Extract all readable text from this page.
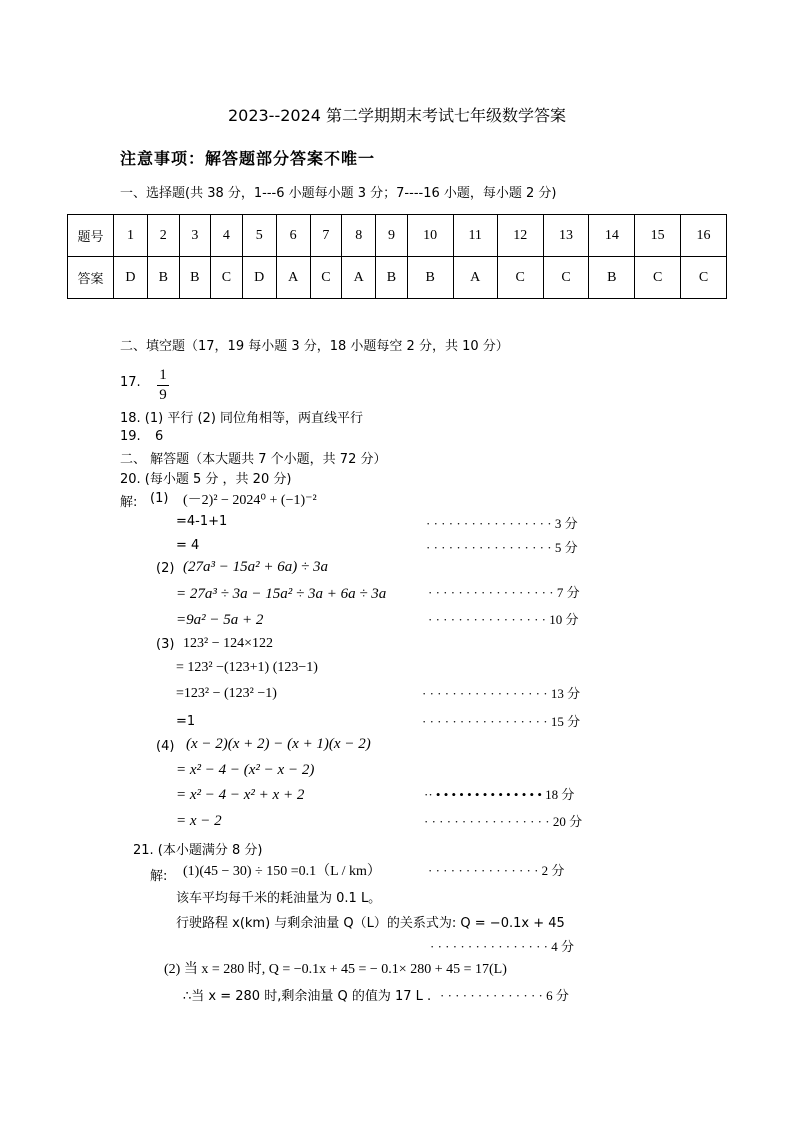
2023--2024 第二学期期末考试七年级数学答案
注意事项：解答题部分答案不唯一
一、选择题(共 38 分，1---6 小题每小题 3 分；7----16 小题，每小题 2 分)
题号	1	2	3	4	5	6	7	8	9	10	11	12	13	14	15	16
答案	D	B	B	C	D	A	C	A	B	B	A	C	C	B	C	C
二、填空题（17，19 每小题 3 分，18 小题每空 2 分，共 10 分）
17. 1
9
18. (1) 平行 (2) 同位角相等，两直线平行
19. 6
二、 解答题（本大题共 7 个小题，共 72 分）
20. (每小题 5 分 ，共 20 分)
解: (1) (－2)² − 2024⁰ + (−1)⁻²
=4-1+1	· · · · · · · · · · · · · · · · · 3 分
= 4	· · · · · · · · · · · · · · · · · 5 分
(2) (27a³ − 15a² + 6a) ÷ 3a
= 27a³ ÷ 3a − 15a² ÷ 3a + 6a ÷ 3a	· · · · · · · · · · · · · · · · · 7 分
=9a² − 5a + 2	· · · · · · · · · · · · · · · · 10 分
(3) 123² − 124×122
= 123² −(123+1) (123−1)
=123² − (123² −1)	· · · · · · · · · · · · · · · · · 13 分
=1	· · · · · · · · · · · · · · · · · 15 分
(4) (x − 2)(x + 2) − (x + 1)(x − 2)
= x² − 4 − (x² − x − 2)
= x² − 4 − x² + x + 2	·· • • • • • • • • • • • • • • 18 分
= x − 2	· · · · · · · · · · · · · · · · · 20 分
21. (本小题满分 8 分)
解: (1)(45 − 30) ÷ 150 =0.1（L / km）	· · · · · · · · · · · · · · · 2 分
该车平均每千米的耗油量为 0.1 L。
行驶路程 x(km) 与剩余油量 Q（L）的关系式为: Q = −0.1x + 45
· · · · · · · · · · · · · · · · 4 分
(2) 当 x = 280 时, Q = −0.1x + 45 = − 0.1× 280 + 45 = 17(L)
∴当 x = 280 时,剩余油量 Q 的值为 17 L . · · · · · · · · · · · · · · 6 分
